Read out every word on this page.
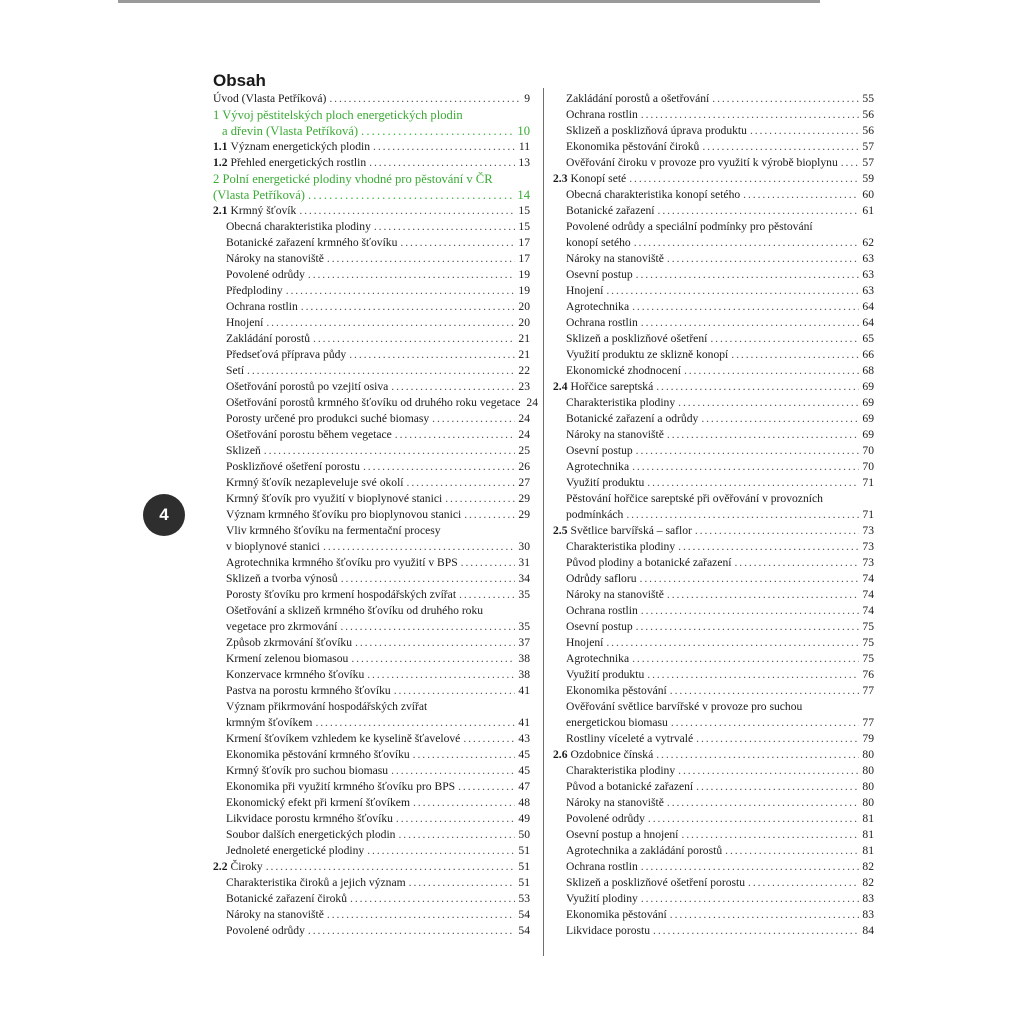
4
Obsah
Úvod (Vlasta Petříková) . . .	9
1 Vývoj pěstitelských ploch energetických plodin
a dřevin (Vlasta Petříková) . . .	10
1.1 Význam energetických plodin . . .	11
1.2 Přehled energetických rostlin . . .	13
2 Polní energetické plodiny vhodné pro pěstování v ČR
(Vlasta Petříková) . . .	14
2.1 Krmný šťovík . . .	15
Obecná charakteristika plodiny . . .	15
Botanické zařazení krmného šťovíku . . .	17
Nároky na stanoviště . . .	17
Povolené odrůdy . . .	19
Předplodiny . . .	19
Ochrana rostlin . . .	20
Hnojení . . .	20
Zakládání porostů . . .	21
Předseťová příprava půdy . . .	21
Setí . . .	22
Ošetřování porostů po vzejití osiva . . .	23
Ošetřování porostů krmného šťovíku od druhého roku vegetace 24
Porosty určené pro produkci suché biomasy . . .	24
Ošetřování porostu během vegetace . . .	24
Sklizeň . . .	25
Posklizňové ošetření porostu . . .	26
Krmný šťovík nezapleveluje své okolí . . .	27
Krmný šťovík pro využití v bioplynové stanici . . .	29
Význam krmného šťovíku pro bioplynovou stanici . . .	29
Vliv krmného šťovíku na fermentační procesy
v bioplynové stanici . . .	30
Agrotechnika krmného šťovíku pro využití v BPS . . .	31
Sklizeň a tvorba výnosů . . .	34
Porosty šťovíku pro krmení hospodářských zvířat . . .	35
Ošetřování a sklizeň krmného šťovíku od druhého roku
vegetace pro zkrmování . . .	35
Způsob zkrmování šťovíku . . .	37
Krmení zelenou biomasou . . .	38
Konzervace krmného šťovíku . . .	38
Pastva na porostu krmného šťovíku . . .	41
Význam přikrmování hospodářských zvířat
krmným šťovíkem . . .	41
Krmení šťovíkem vzhledem ke kyselině šťavelové . . .	43
Ekonomika pěstování krmného šťovíku . . .	45
Krmný šťovík pro suchou biomasu . . .	45
Ekonomika při využití krmného šťovíku pro BPS . . .	47
Ekonomický efekt při krmení šťovíkem . . .	48
Likvidace porostu krmného šťovíku . . .	49
Soubor dalších energetických plodin . . .	50
Jednoleté energetické plodiny . . .	51
2.2 Čiroky . . .	51
Charakteristika čiroků a jejich význam . . .	51
Botanické zařazení čiroků . . .	53
Nároky na stanoviště . . .	54
Povolené odrůdy . . .	54
Zakládání porostů a ošetřování . . .	55
Ochrana rostlin . . .	56
Sklizeň a posklizňová úprava produktu . . .	56
Ekonomika pěstování čiroků . . .	57
Ověřování čiroku v provoze pro využití k výrobě bioplynu . . . 57
2.3 Konopí seté . . .	59
Obecná charakteristika konopí setého . . .	60
Botanické zařazení . . .	61
Povolené odrůdy a speciální podmínky pro pěstování
konopí setého . . .	62
Nároky na stanoviště . . .	63
Osevní postup . . .	63
Hnojení . . .	63
Agrotechnika . . .	64
Ochrana rostlin . . .	64
Sklizeň a posklizňové ošetření . . .	65
Využití produktu ze sklizně konopí . . .	66
Ekonomické zhodnocení . . .	68
2.4 Hořčice sareptská . . .	69
Charakteristika plodiny . . .	69
Botanické zařazení a odrůdy . . .	69
Nároky na stanoviště . . .	69
Osevní postup . . .	70
Agrotechnika . . .	70
Využití produktu . . .	71
Pěstování hořčice sareptské při ověřování v provozních
podmínkách . . .	71
2.5 Světlice barvířská – saflor . . .	73
Charakteristika plodiny . . .	73
Původ plodiny a botanické zařazení . . .	73
Odrůdy safloru . . .	74
Nároky na stanoviště . . .	74
Ochrana rostlin . . .	74
Osevní postup . . .	75
Hnojení . . .	75
Agrotechnika . . .	75
Využití produktu . . .	76
Ekonomika pěstování . . .	77
Ověřování světlice barvířské v provoze pro suchou
energetickou biomasu . . .	77
Rostliny víceleté a vytrvalé . . .	79
2.6 Ozdobnice čínská . . .	80
Charakteristika plodiny . . .	80
Původ a botanické zařazení . . .	80
Nároky na stanoviště . . .	80
Povolené odrůdy . . .	81
Osevní postup a hnojení . . .	81
Agrotechnika a zakládání porostů . . .	81
Ochrana rostlin . . .	82
Sklizeň a posklizňové ošetření porostu . . .	82
Využití plodiny . . .	83
Ekonomika pěstování . . .	83
Likvidace porostu . . .	84
